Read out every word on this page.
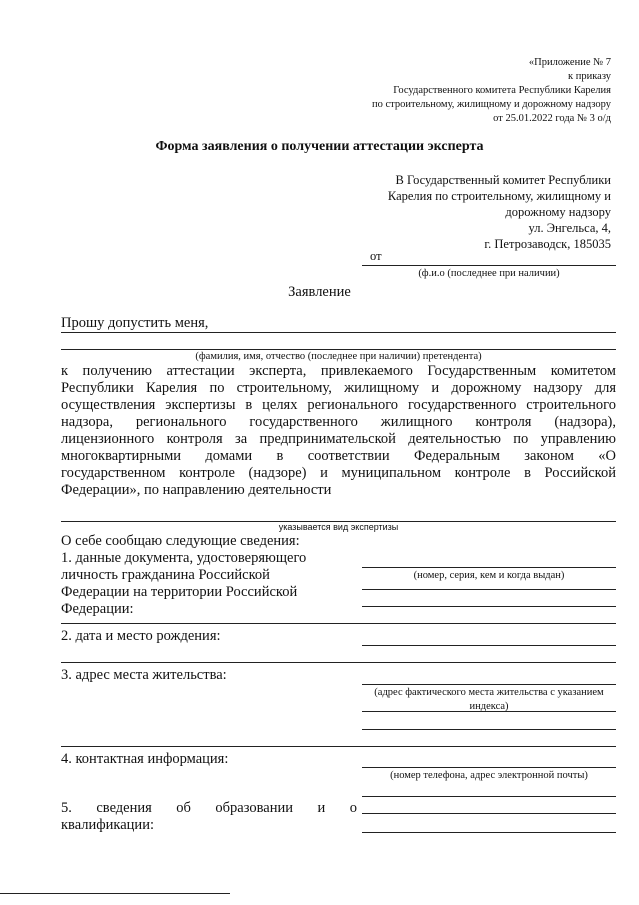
«Приложение № 7
к приказу
Государственного комитета Республики Карелия
по строительному, жилищному и дорожному надзору
от 25.01.2022 года № 3 о/д
Форма заявления о получении аттестации эксперта
В Государственный комитет Республики
Карелия по строительному, жилищному и
дорожному надзору
ул. Энгельса, 4,
г. Петрозаводск, 185035
от
(ф.и.о (последнее при наличии)
Заявление
Прошу допустить меня,
(фамилия, имя, отчество (последнее при наличии) претендента)
к получению аттестации эксперта, привлекаемого Государственным комитетом
Республики Карелия по строительному, жилищному и дорожному надзору для
осуществления экспертизы в целях регионального государственного строительного
надзора, регионального государственного жилищного контроля (надзора),
лицензионного контроля за предпринимательской деятельностью по управлению
многоквартирными домами в соответствии Федеральным законом «О
государственном контроле (надзоре) и муниципальном контроле в Российской
Федерации», по направлению деятельности
указывается вид экспертизы
О себе сообщаю следующие сведения:
1. данные документа, удостоверяющего
личность гражданина Российской
Федерации на территории Российской
Федерации:
(номер, серия, кем и когда выдан)
2. дата и место рождения:
3. адрес места жительства:
(адрес фактического места жительства с указанием
индекса)
4. контактная информация:
(номер телефона, адрес электронной почты)
5. сведения об образовании и о
квалификации:
